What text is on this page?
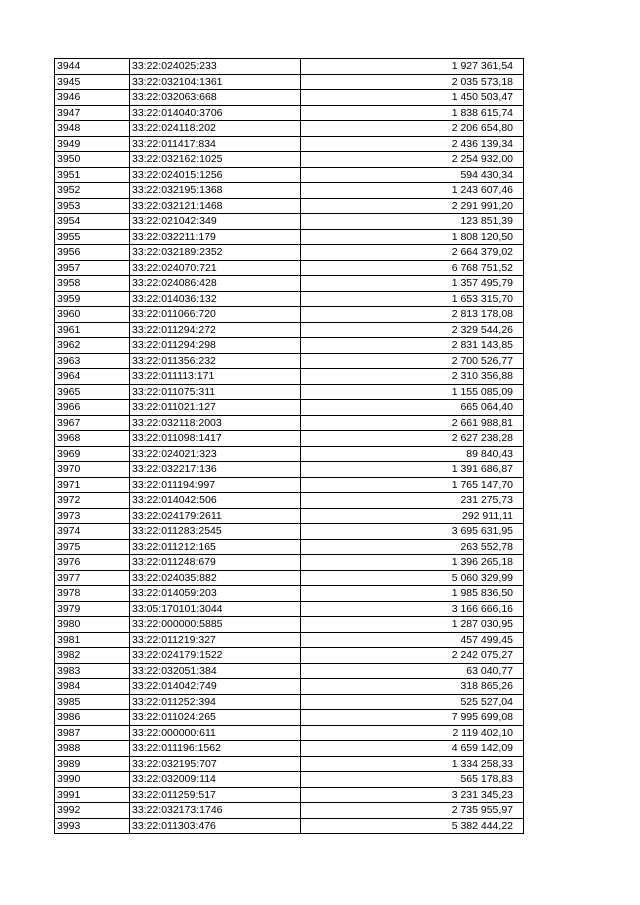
3944	33:22:024025:233	1 927 361,54
3945	33:22:032104:1361	2 035 573,18
3946	33:22:032063:668	1 450 503,47
3947	33:22:014040:3706	1 838 615,74
3948	33:22:024118:202	2 206 654,80
3949	33:22:011417:834	2 436 139,34
3950	33:22:032162:1025	2 254 932,00
3951	33:22:024015:1256	594 430,34
3952	33:22:032195:1368	1 243 607,46
3953	33:22:032121:1468	2 291 991,20
3954	33:22:021042:349	123 851,39
3955	33:22:032211:179	1 808 120,50
3956	33:22:032189:2352	2 664 379,02
3957	33:22:024070:721	6 768 751,52
3958	33:22:024086:428	1 357 495,79
3959	33:22:014036:132	1 653 315,70
3960	33:22:011066:720	2 813 178,08
3961	33:22:011294:272	2 329 544,26
3962	33:22:011294:298	2 831 143,85
3963	33:22:011356:232	2 700 526,77
3964	33:22:011113:171	2 310 356,88
3965	33:22:011075:311	1 155 085,09
3966	33:22:011021:127	665 064,40
3967	33:22:032118:2003	2 661 988,81
3968	33:22:011098:1417	2 627 238,28
3969	33:22:024021:323	89 840,43
3970	33:22:032217:136	1 391 686,87
3971	33:22:011194:997	1 765 147,70
3972	33:22:014042:506	231 275,73
3973	33:22:024179:2611	292 911,11
3974	33:22:011283:2545	3 695 631,95
3975	33:22:011212:165	263 552,78
3976	33:22:011248:679	1 396 265,18
3977	33:22:024035:882	5 060 329,99
3978	33:22:014059:203	1 985 836,50
3979	33:05:170101:3044	3 166 666,16
3980	33:22:000000:5885	1 287 030,95
3981	33:22:011219:327	457 499,45
3982	33:22:024179:1522	2 242 075,27
3983	33:22:032051:384	63 040,77
3984	33:22:014042:749	318 865,26
3985	33:22:011252:394	525 527,04
3986	33:22:011024:265	7 995 699,08
3987	33:22:000000:611	2 119 402,10
3988	33:22:011196:1562	4 659 142,09
3989	33:22:032195:707	1 334 258,33
3990	33:22:032009:114	565 178,83
3991	33:22:011259:517	3 231 345,23
3992	33:22:032173:1746	2 735 955,97
3993	33:22:011303:476	5 382 444,22
